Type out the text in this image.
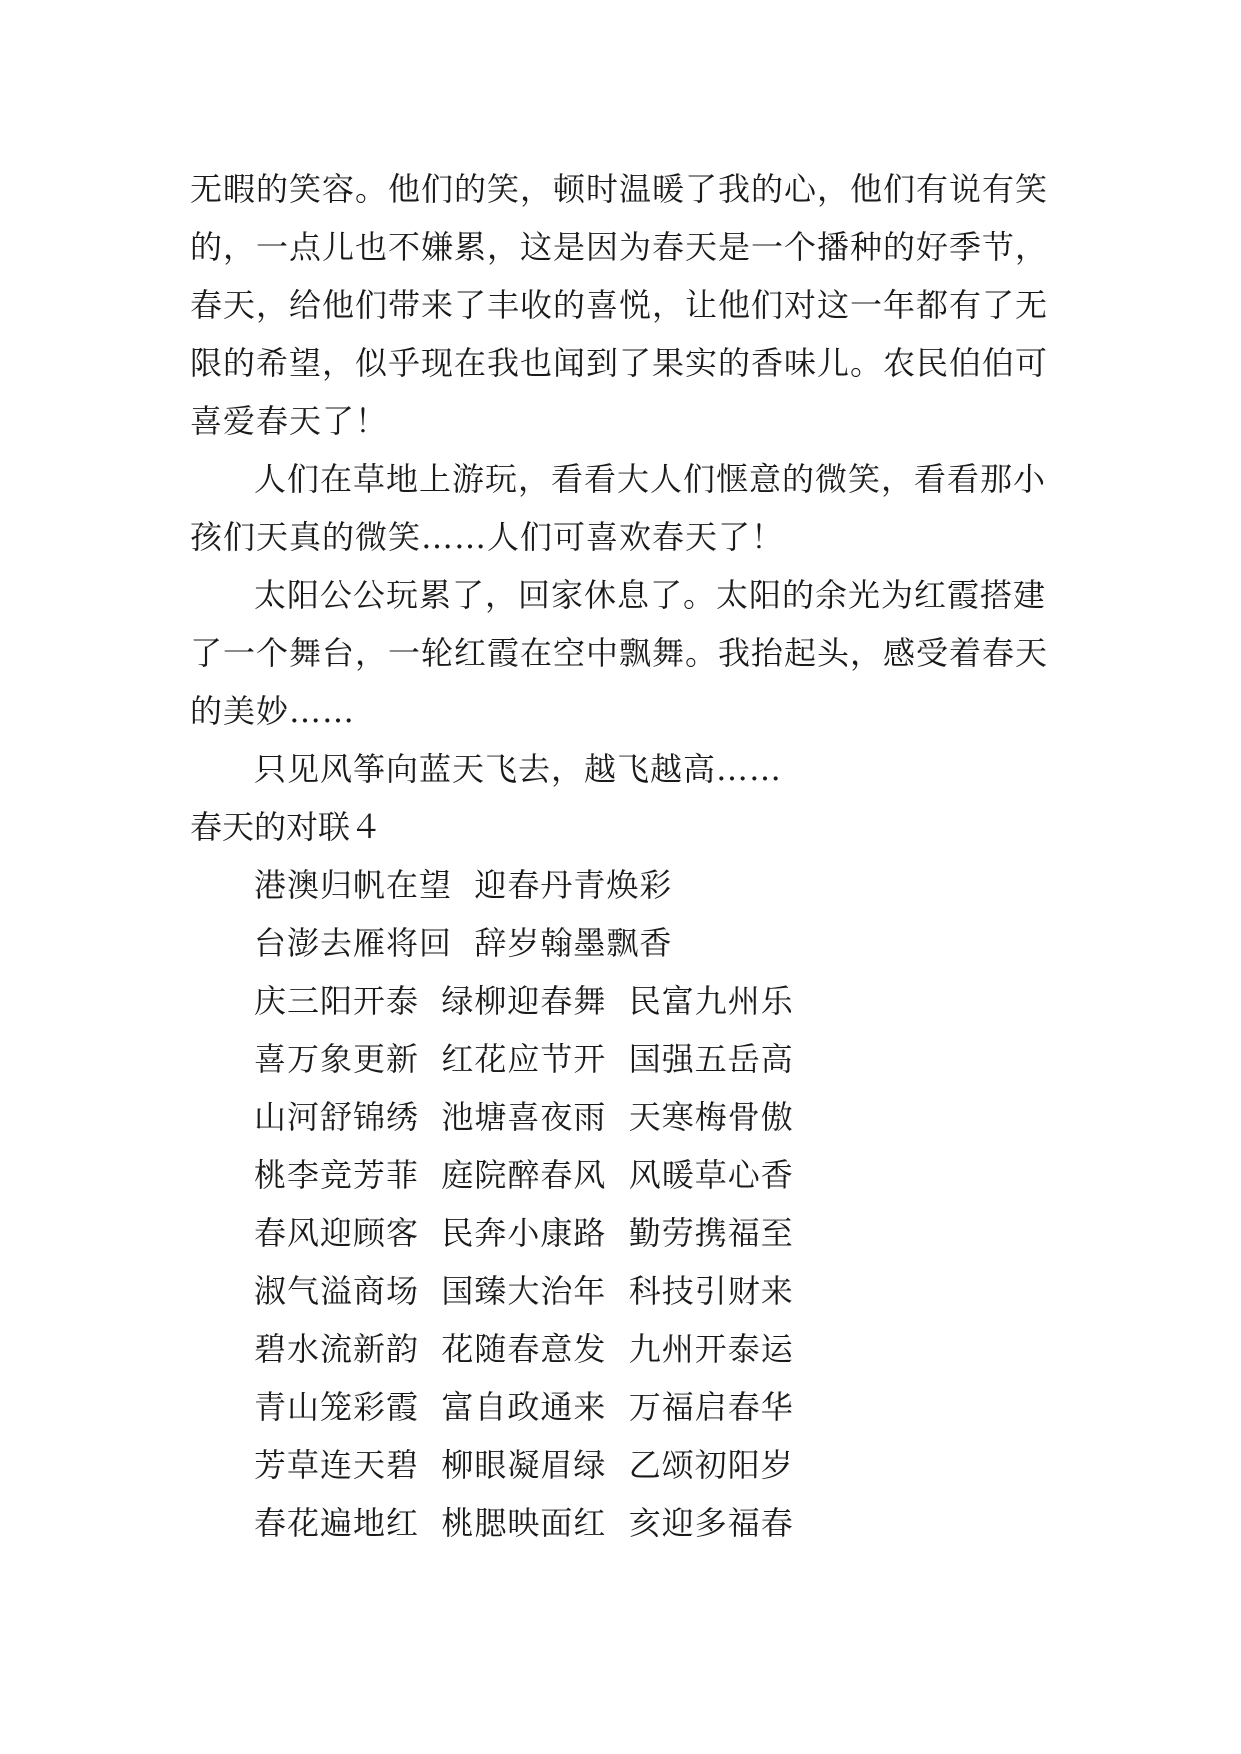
无暇的笑容。他们的笑，顿时温暖了我的心，他们有说有笑
的，一点儿也不嫌累，这是因为春天是一个播种的好季节，
春天，给他们带来了丰收的喜悦，让他们对这一年都有了无
限的希望，似乎现在我也闻到了果实的香味儿。农民伯伯可
喜爱春天了！
人们在草地上游玩，看看大人们惬意的微笑，看看那小
孩们天真的微笑……人们可喜欢春天了！
太阳公公玩累了，回家休息了。太阳的余光为红霞搭建
了一个舞台，一轮红霞在空中飘舞。我抬起头，感受着春天
的美妙……
只见风筝向蓝天飞去，越飞越高……
春天的对联４
港澳归帆在望  迎春丹青焕彩
台澎去雁将回  辞岁翰墨飘香
庆三阳开泰  绿柳迎春舞  民富九州乐
喜万象更新  红花应节开  国强五岳高
山河舒锦绣  池塘喜夜雨  天寒梅骨傲
桃李竞芳菲  庭院醉春风  风暖草心香
春风迎顾客  民奔小康路  勤劳携福至
淑气溢商场  国臻大治年  科技引财来
碧水流新韵  花随春意发  九州开泰运
青山笼彩霞  富自政通来  万福启春华
芳草连天碧  柳眼凝眉绿  乙颂初阳岁
春花遍地红  桃腮映面红  亥迎多福春
